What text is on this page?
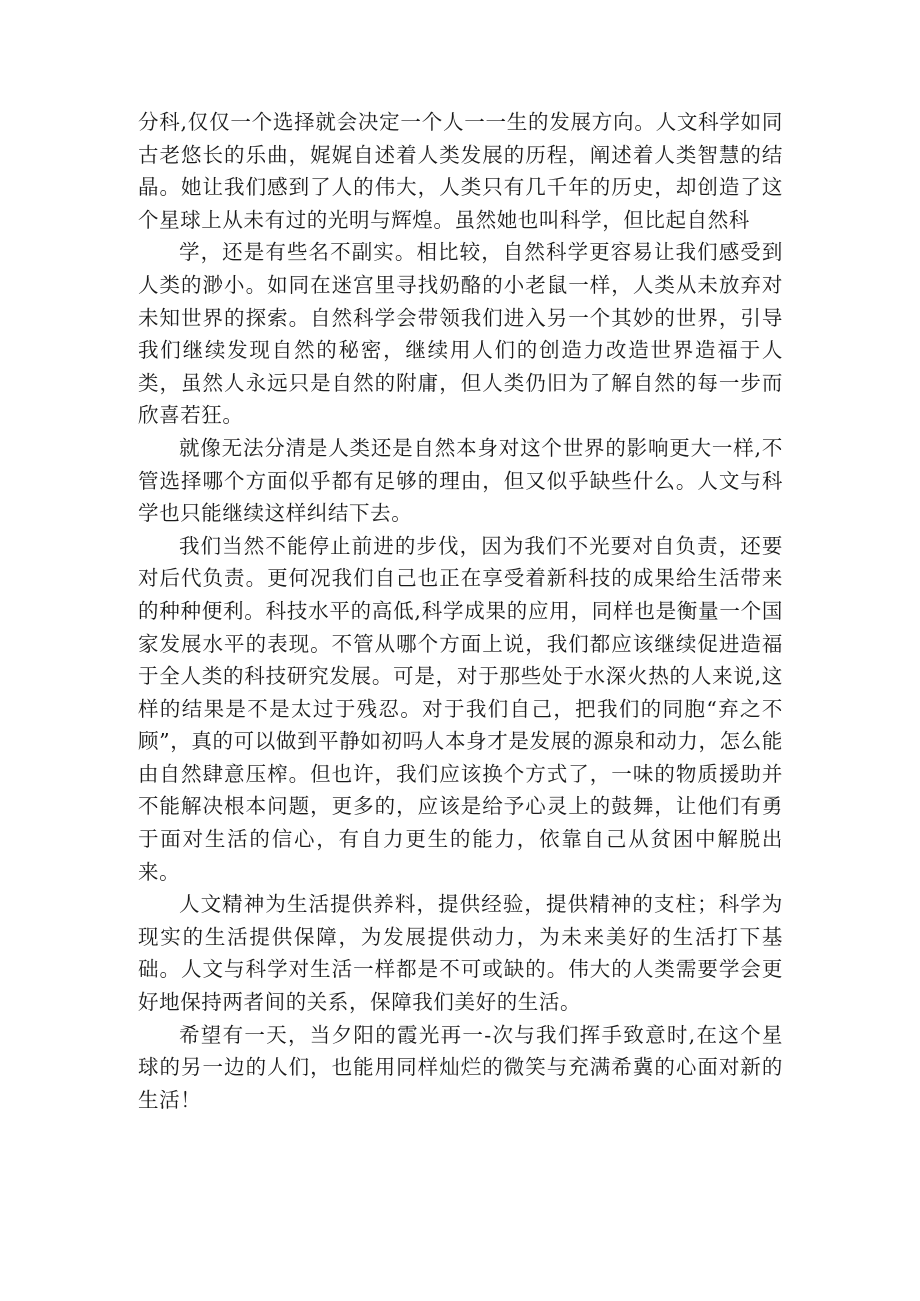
分科,仅仅一个选择就会决定一个人一一生的发展方向。人文科学如同古老悠长的乐曲，娓娓自述着人类发展的历程，阐述着人类智慧的结晶。她让我们感到了人的伟大，人类只有几千年的历史，却创造了这个星球上从未有过的光明与辉煌。虽然她也叫科学，但比起自然科

学，还是有些名不副实。相比较，自然科学更容易让我们感受到人类的渺小。如同在迷宫里寻找奶酪的小老鼠一样，人类从未放弃对未知世界的探索。自然科学会带领我们进入另一个其妙的世界，引导我们继续发现自然的秘密，继续用人们的创造力改造世界造福于人类，虽然人永远只是自然的附庸，但人类仍旧为了解自然的每一步而欣喜若狂。

就像无法分清是人类还是自然本身对这个世界的影响更大一样,不管选择哪个方面似乎都有足够的理由，但又似乎缺些什么。人文与科学也只能继续这样纠结下去。

我们当然不能停止前进的步伐，因为我们不光要对自负责，还要对后代负责。更何况我们自己也正在享受着新科技的成果给生活带来的种种便利。科技水平的高低,科学成果的应用，同样也是衡量一个国家发展水平的表现。不管从哪个方面上说，我们都应该继续促进造福于全人类的科技研究发展。可是，对于那些处于水深火热的人来说,这样的结果是不是太过于残忍。对于我们自己，把我们的同胞“弃之不顾”，真的可以做到平静如初吗人本身才是发展的源泉和动力，怎么能由自然肆意压榨。但也许，我们应该换个方式了，一味的物质援助并不能解决根本问题，更多的，应该是给予心灵上的鼓舞，让他们有勇于面对生活的信心，有自力更生的能力，依靠自己从贫困中解脱出来。

人文精神为生活提供养料，提供经验，提供精神的支柱；科学为现实的生活提供保障，为发展提供动力，为未来美好的生活打下基础。人文与科学对生活一样都是不可或缺的。伟大的人类需要学会更好地保持两者间的关系，保障我们美好的生活。

希望有一天，当夕阳的霞光再一-次与我们挥手致意时,在这个星球的另一边的人们，也能用同样灿烂的微笑与充满希冀的心面对新的生活！
